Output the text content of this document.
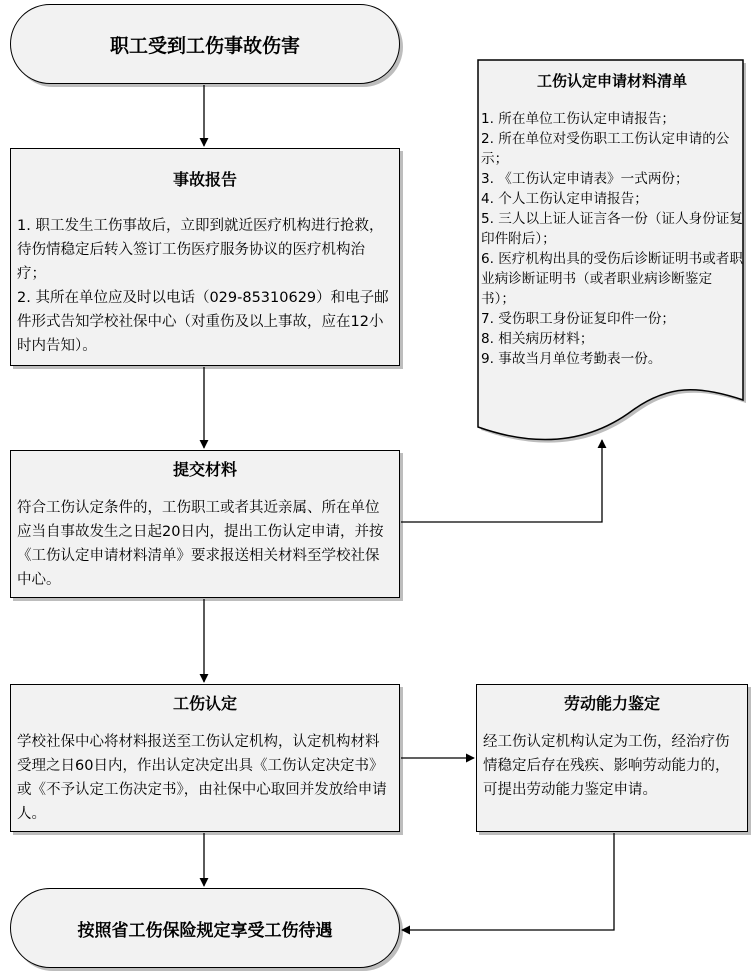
工伤认定申请材料清单
1. 所在单位工伤认定申请报告；
2. 所在单位对受伤职工工伤认定申请的公示；
3. 《工伤认定申请表》一式两份；
4. 个人工伤认定申请报告；
5. 三人以上证人证言各一份（证人身份证复印件附后）；
6. 医疗机构出具的受伤后诊断证明书或者职业病诊断证明书（或者职业病诊断鉴定书）；
7. 受伤职工身份证复印件一份；
8. 相关病历材料；
9. 事故当月单位考勤表一份。
职工受到工伤事故伤害
事故报告
1. 职工发生工伤事故后，立即到就近医疗机构进行抢救，待伤情稳定后转入签订工伤医疗服务协议的医疗机构治疗；
2. 其所在单位应及时以电话（029-85310629）和电子邮件形式告知学校社保中心（对重伤及以上事故，应在12小时内告知）。
提交材料
符合工伤认定条件的，工伤职工或者其近亲属、所在单位应当自事故发生之日起20日内，提出工伤认定申请，并按《工伤认定申请材料清单》要求报送相关材料至学校社保中心。
工伤认定
学校社保中心将材料报送至工伤认定机构，认定机构材料受理之日60日内，作出认定决定出具《工伤认定决定书》或《不予认定工伤决定书》，由社保中心取回并发放给申请人。
劳动能力鉴定
经工伤认定机构认定为工伤，经治疗伤情稳定后存在残疾、影响劳动能力的，可提出劳动能力鉴定申请。
按照省工伤保险规定享受工伤待遇
